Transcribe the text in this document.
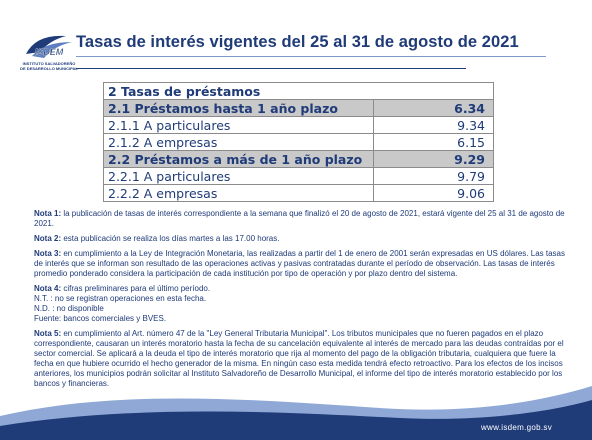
ISDEM
INSTITUTO SALVADOREÑO DE DESARROLLO MUNICIPAL
Tasas de interés vigentes del 25 al 31 de agosto de 2021
2 Tasas de préstamos	
2.1 Préstamos hasta 1 año plazo	6.34
2.1.1 A particulares	9.34
2.1.2 A empresas	6.15
2.2 Préstamos a más de 1 año plazo	9.29
2.2.1 A particulares	9.79
2.2.2 A empresas	9.06

Nota 1: la publicación de tasas de interés correspondiente a la semana que finalizó el 20 de agosto de 2021, estará vigente del 25 al 31 de agosto de 2021.

Nota 2: esta publicación se realiza los días martes a las 17.00 horas.

Nota 3: en cumplimiento a la Ley de Integración Monetaria, las realizadas a partir del 1 de enero de 2001 serán expresadas en US dólares. Las tasas de interés que se informan son resultado de las operaciones activas y pasivas contratadas durante el período de observación. Las tasas de interés promedio ponderado considera la participación de cada institución por tipo de operación y por plazo dentro del sistema.

Nota 4: cifras preliminares para el último período.
N.T. : no se registran operaciones en esta fecha.
N.D. : no disponible
Fuente: bancos comerciales y BVES.

Nota 5: en cumplimiento al Art. número 47 de la "Ley General Tributaria Municipal". Los tributos municipales que no fueren pagados en el plazo correspondiente, causaran un interés moratorio hasta la fecha de su cancelación equivalente al interés de mercado para las deudas contraídas por el sector comercial. Se aplicará a la deuda el tipo de interés moratorio que rija al momento del pago de la obligación tributaria, cualquiera que fuere la fecha en que hubiere ocurrido el hecho generador de la misma. En ningún caso esta medida tendrá efecto retroactivo. Para los efectos de los incisos anteriores, los municipios podrán solicitar al Instituto Salvadoreño de Desarrollo Municipal, el informe del tipo de interés moratorio establecido por los bancos y financieras.

www.isdem.gob.sv
